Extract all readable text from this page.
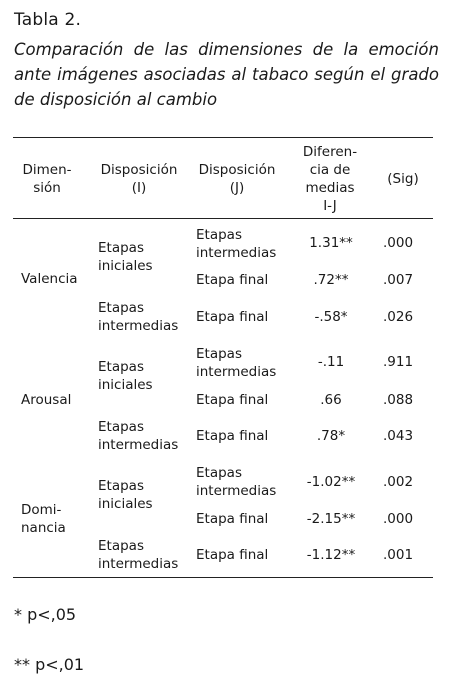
Tabla 2.
Comparación de las dimensiones de la emoción ante imágenes asociadas al tabaco según el grado de disposición al cambio
Dimen-
sión
Disposición
(I)
Disposición
(J)
Diferen-
cia de
medias
I-J
(Sig)
Valencia
Arousal
Domi-
nancia
Etapas
iniciales
Etapas
intermedias
Etapas
iniciales
Etapas
intermedias
Etapas
iniciales
Etapas
intermedias
Etapas
intermedias
Etapa final
Etapa final
Etapas
intermedias
Etapa final
Etapa final
Etapas
intermedias
Etapa final
Etapa final
1.31**
.72**
-.58*
-.11
.66
.78*
-1.02**
-2.15**
-1.12**
.000
.007
.026
.911
.088
.043
.002
.000
.001
* p<,05
** p<,01
